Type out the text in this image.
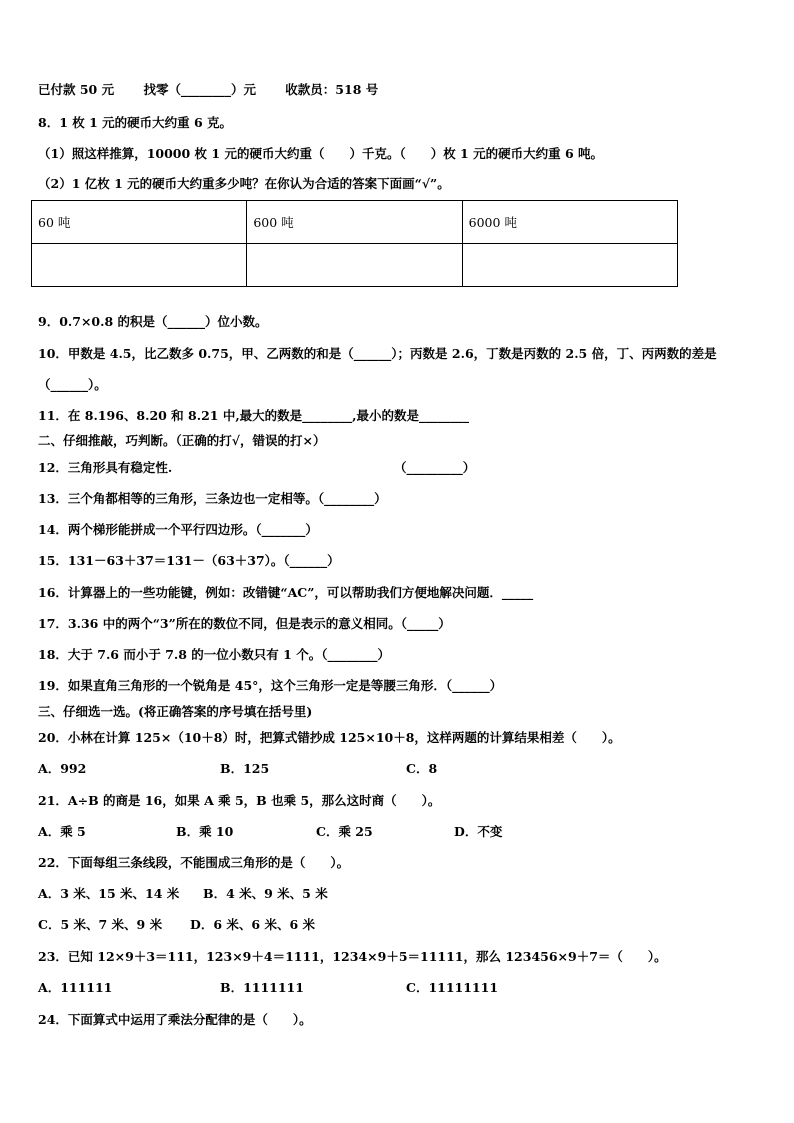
已付款 50 元　　 找零（________）元　　 收款员：518 号
8．1 枚 1 元的硬币大约重 6 克。
（1）照这样推算，10000 枚 1 元的硬币大约重（　　）千克。（　　）枚 1 元的硬币大约重 6 吨。
（2）1 亿枚 1 元的硬币大约重多少吨？在你认为合适的答案下面画“√”。
60 吨	600 吨	6000 吨

9．0.7×0.8 的积是（______）位小数。
10．甲数是 4.5，比乙数多 0.75，甲、乙两数的和是（______）；丙数是 2.6，丁数是丙数的 2.5 倍，丁、丙两数的差是
（______）。
11．在 8.196、8.20 和 8.21 中,最大的数是________,最小的数是________
二、仔细推敲，巧判断。（正确的打√，错误的打×）
12．三角形具有稳定性.	（_________）
13．三个角都相等的三角形，三条边也一定相等。（________）
14．两个梯形能拼成一个平行四边形。（_______）
15．131－63＋37＝131－（63＋37）。（______）
16．计算器上的一些功能键，例如：改错键“AC”，可以帮助我们方便地解决问题．_____
17．3.36 中的两个“3”所在的数位不同，但是表示的意义相同。（_____）
18．大于 7.6 而小于 7.8 的一位小数只有 1 个。（________）
19．如果直角三角形的一个锐角是 45°，这个三角形一定是等腰三角形．（______）
三、仔细选一选。(将正确答案的序号填在括号里)
20．小林在计算 125×（10＋8）时，把算式错抄成 125×10＋8，这样两题的计算结果相差（　　）。
A．992	B．125	C．8
21．A÷B 的商是 16，如果 A 乘 5，B 也乘 5，那么这时商（　　）。
A．乘 5	B．乘 10	C．乘 25	D．不变
22．下面每组三条线段，不能围成三角形的是（　　）。
A．3 米、15 米、14 米 B．4 米、9 米、5 米
C．5 米、7 米、9 米 D．6 米、6 米、6 米
23．已知 12×9＋3＝111，123×9＋4＝1111，1234×9＋5＝11111，那么 123456×9＋7＝（　　）。
A．111111	B．1111111	C．11111111
24．下面算式中运用了乘法分配律的是（　　）。
